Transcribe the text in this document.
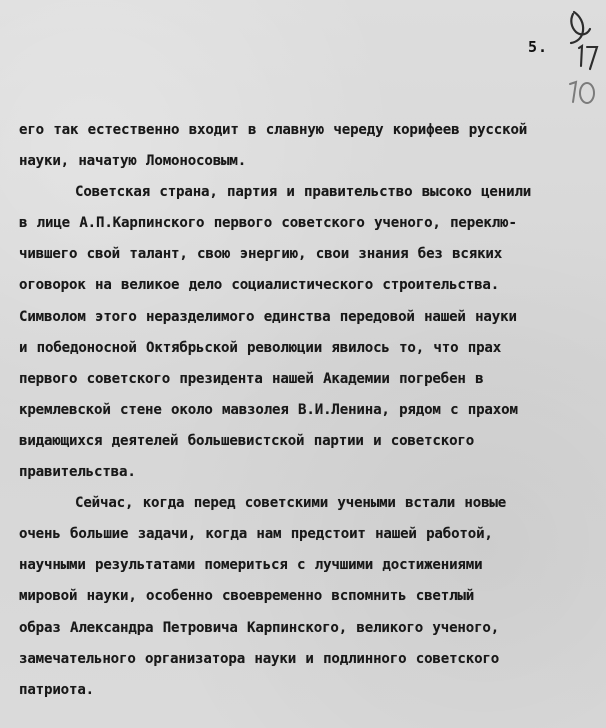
5.
его так естественно входит в славную череду корифеев русской
науки, начатую Ломоносовым.
Советская страна, партия и правительство высоко ценили
в лице А.П.Карпинского первого советского ученого, переклю-
чившего свой талант, свою энергию, свои знания без всяких
оговорок на великое дело социалистического строительства.
Символом этого неразделимого единства передовой нашей науки
и победоносной Октябрьской революции явилось то, что прах
первого советского президента нашей Академии погребен в
кремлевской стене около мавзолея В.И.Ленина, рядом с прахом
видающихся деятелей большевистской партии и советского
правительства.
Сейчас, когда перед советскими учеными встали новые
очень большие задачи, когда нам предстоит нашей работой,
научными результатами помериться с лучшими достижениями
мировой науки, особенно своевременно вспомнить светлый
образ Александра Петровича Карпинского, великого ученого,
замечательного организатора науки и подлинного советского
патриота.
